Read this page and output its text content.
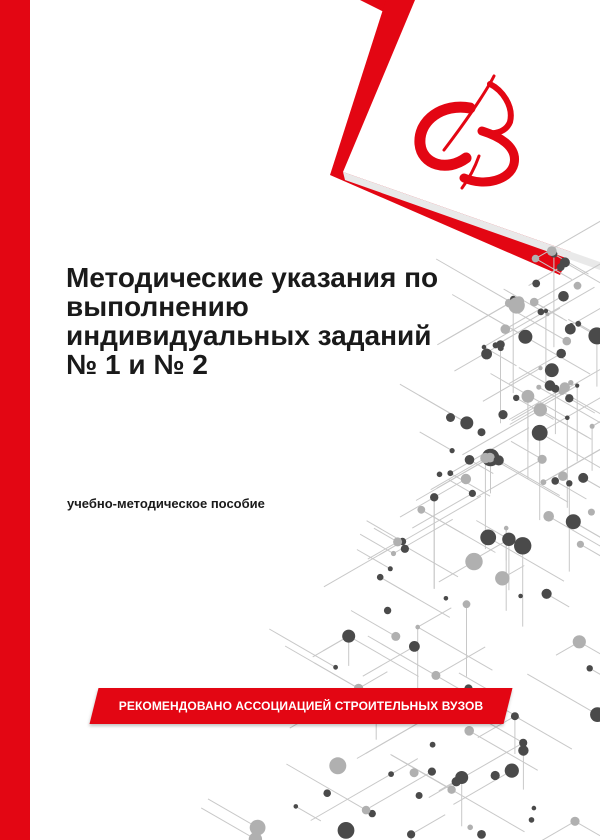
Методические указания по
выполнению
индивидуальных заданий
№ 1 и № 2
учебно-методическое пособие
РЕКОМЕНДОВАНО АССОЦИАЦИЕЙ СТРОИТЕЛЬНЫХ ВУЗОВ
